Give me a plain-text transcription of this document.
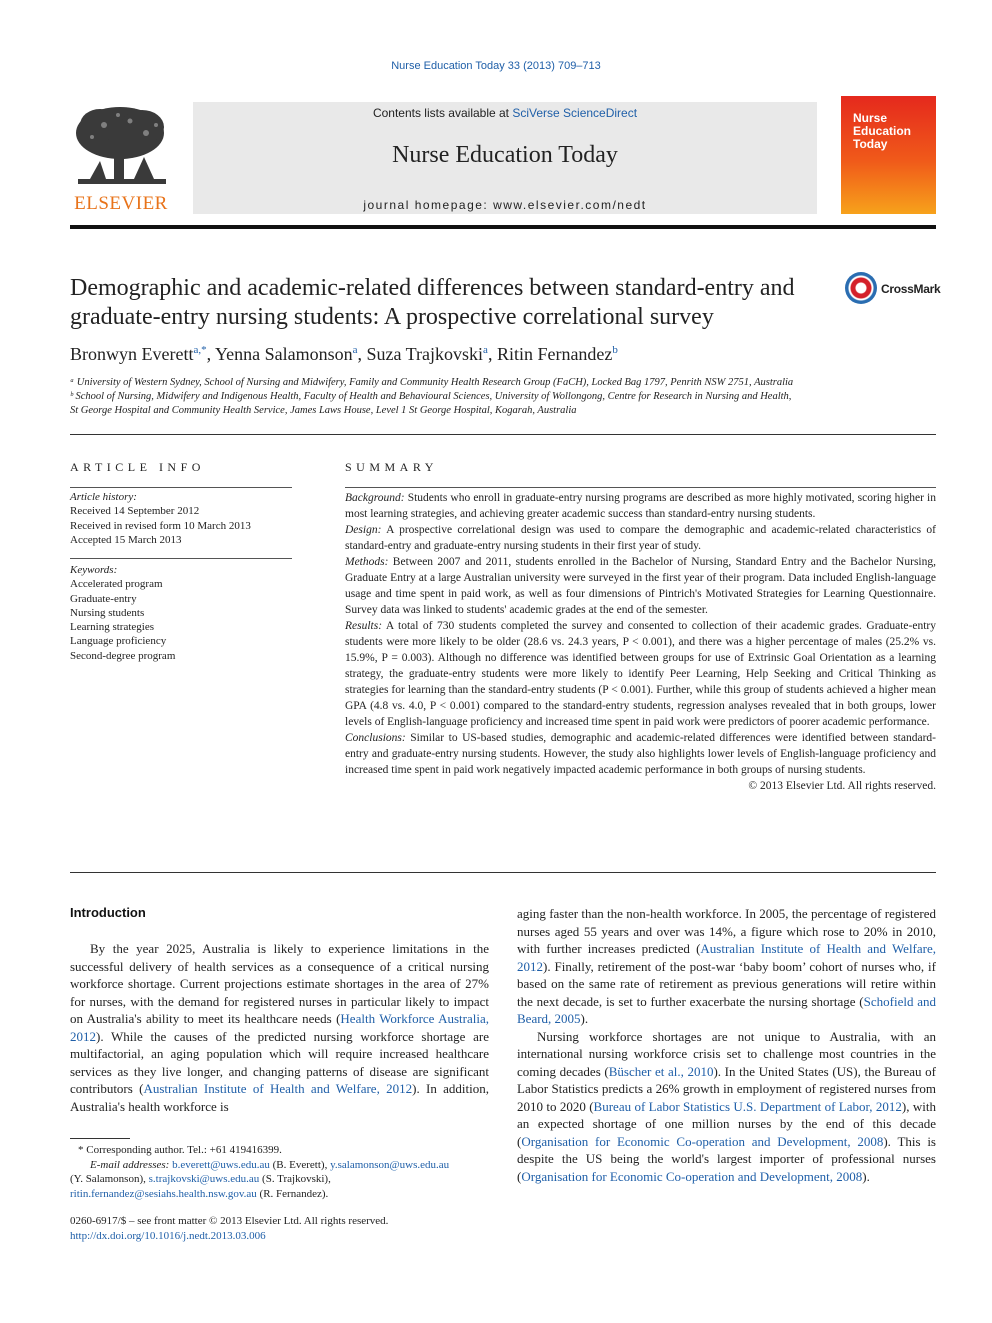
Nurse Education Today 33 (2013) 709–713
ELSEVIER
Contents lists available at SciVerse ScienceDirect
Nurse Education Today
journal homepage: www.elsevier.com/nedt
Nurse
Education
Today
Demographic and academic-related differences between standard-entry and graduate-entry nursing students: A prospective correlational survey
CrossMark
Bronwyn Everett$^{a,*}$, Yenna Salamonson$^a$, Suza Trajkovski$^a$, Ritin Fernandez$^b$
ᵃ University of Western Sydney, School of Nursing and Midwifery, Family and Community Health Research Group (FaCH), Locked Bag 1797, Penrith NSW 2751, Australia
ᵇ School of Nursing, Midwifery and Indigenous Health, Faculty of Health and Behavioural Sciences, University of Wollongong, Centre for Research in Nursing and Health,
St George Hospital and Community Health Service, James Laws House, Level 1 St George Hospital, Kogarah, Australia
ARTICLE INFO
Article history:
Received 14 September 2012
Received in revised form 10 March 2013
Accepted 15 March 2013
Keywords:
Accelerated program
Graduate-entry
Nursing students
Learning strategies
Language proficiency
Second-degree program
SUMMARY

Background: Students who enroll in graduate-entry nursing programs are described as more highly motivated, scoring higher in most learning strategies, and achieving greater academic success than standard-entry nursing students.

Design: A prospective correlational design was used to compare the demographic and academic-related characteristics of standard-entry and graduate-entry nursing students in their first year of study.

Methods: Between 2007 and 2011, students enrolled in the Bachelor of Nursing, Standard Entry and the Bachelor Nursing, Graduate Entry at a large Australian university were surveyed in the first year of their program. Data included English-language usage and time spent in paid work, as well as four dimensions of Pintrich's Motivated Strategies for Learning Questionnaire. Survey data was linked to students' academic grades at the end of the semester.

Results: A total of 730 students completed the survey and consented to collection of their academic grades. Graduate-entry students were more likely to be older (28.6 vs. 24.3 years, P < 0.001), and there was a higher percentage of males (25.2% vs. 15.9%, P = 0.003). Although no difference was identified between groups for use of Extrinsic Goal Orientation as a learning strategy, the graduate-entry students were more likely to identify Peer Learning, Help Seeking and Critical Thinking as strategies for learning than the standard-entry students (P < 0.001). Further, while this group of students achieved a higher mean GPA (4.8 vs. 4.0, P < 0.001) compared to the standard-entry students, regression analyses revealed that in both groups, lower levels of English-language proficiency and increased time spent in paid work were predictors of poorer academic performance.

Conclusions: Similar to US-based studies, demographic and academic-related differences were identified between standard-entry and graduate-entry nursing students. However, the study also highlights lower levels of English-language proficiency and increased time spent in paid work negatively impacted academic performance in both groups of nursing students.

© 2013 Elsevier Ltd. All rights reserved.

Introduction

By the year 2025, Australia is likely to experience limitations in the successful delivery of health services as a consequence of a critical nursing workforce shortage. Current projections estimate shortages in the area of 27% for nurses, with the demand for registered nurses in particular likely to impact on Australia's ability to meet its healthcare needs (Health Workforce Australia, 2012). While the causes of the predicted nursing workforce shortage are multifactorial, an aging population which will require increased healthcare services as they live longer, and changing patterns of disease are significant contributors (Australian Institute of Health and Welfare, 2012). In addition, Australia's health workforce is

aging faster than the non-health workforce. In 2005, the percentage of registered nurses aged 55 years and over was 14%, a figure which rose to 20% in 2010, with further increases predicted (Australian Institute of Health and Welfare, 2012). Finally, retirement of the post-war ‘baby boom’ cohort of nurses who, if based on the same rate of retirement as previous generations will retire within the next decade, is set to further exacerbate the nursing shortage (Schofield and Beard, 2005).

Nursing workforce shortages are not unique to Australia, with an international nursing workforce crisis set to challenge most countries in the coming decades (Büscher et al., 2010). In the United States (US), the Bureau of Labor Statistics predicts a 26% growth in employment of registered nurses from 2010 to 2020 (Bureau of Labor Statistics U.S. Department of Labor, 2012), with an expected shortage of one million nurses by the end of this decade (Organisation for Economic Co-operation and Development, 2008). This is despite the US being the world's largest importer of professional nurses (Organisation for Economic Co-operation and Development, 2008).

* Corresponding author. Tel.: +61 419416399.
E-mail addresses: b.everett@uws.edu.au (B. Everett), y.salamonson@uws.edu.au
(Y. Salamonson), s.trajkovski@uws.edu.au (S. Trajkovski),
ritin.fernandez@sesiahs.health.nsw.gov.au (R. Fernandez).
0260-6917/$ – see front matter © 2013 Elsevier Ltd. All rights reserved.
http://dx.doi.org/10.1016/j.nedt.2013.03.006
